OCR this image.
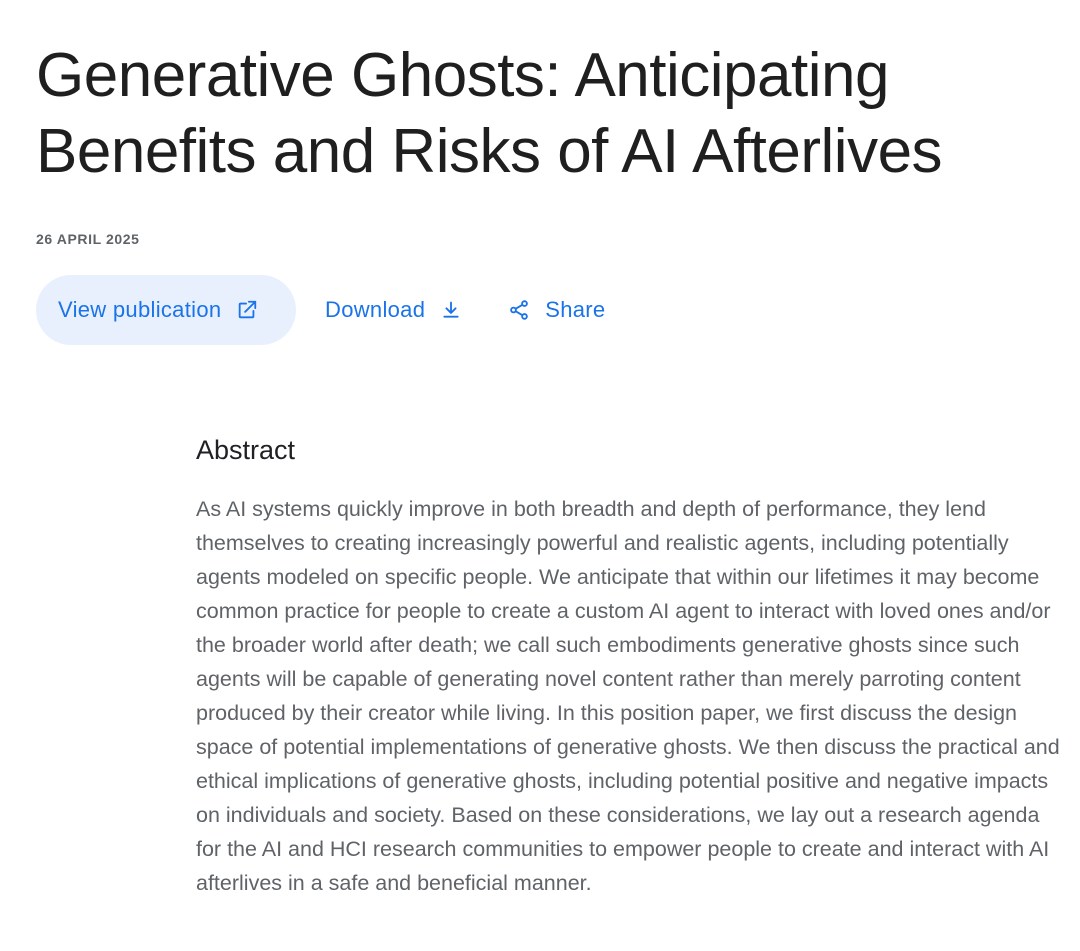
Generative Ghosts: Anticipating Benefits and Risks of AI Afterlives
26 APRIL 2025
View publication	Download	Share
Abstract

As AI systems quickly improve in both breadth and depth of performance, they lend themselves to creating increasingly powerful and realistic agents, including potentially agents modeled on specific people. We anticipate that within our lifetimes it may become common practice for people to create a custom AI agent to interact with loved ones and/or the broader world after death; we call such embodiments generative ghosts since such agents will be capable of generating novel content rather than merely parroting content produced by their creator while living. In this position paper, we first discuss the design space of potential implementations of generative ghosts. We then discuss the practical and ethical implications of generative ghosts, including potential positive and negative impacts on individuals and society. Based on these considerations, we lay out a research agenda for the AI and HCI research communities to empower people to create and interact with AI afterlives in a safe and beneficial manner.
